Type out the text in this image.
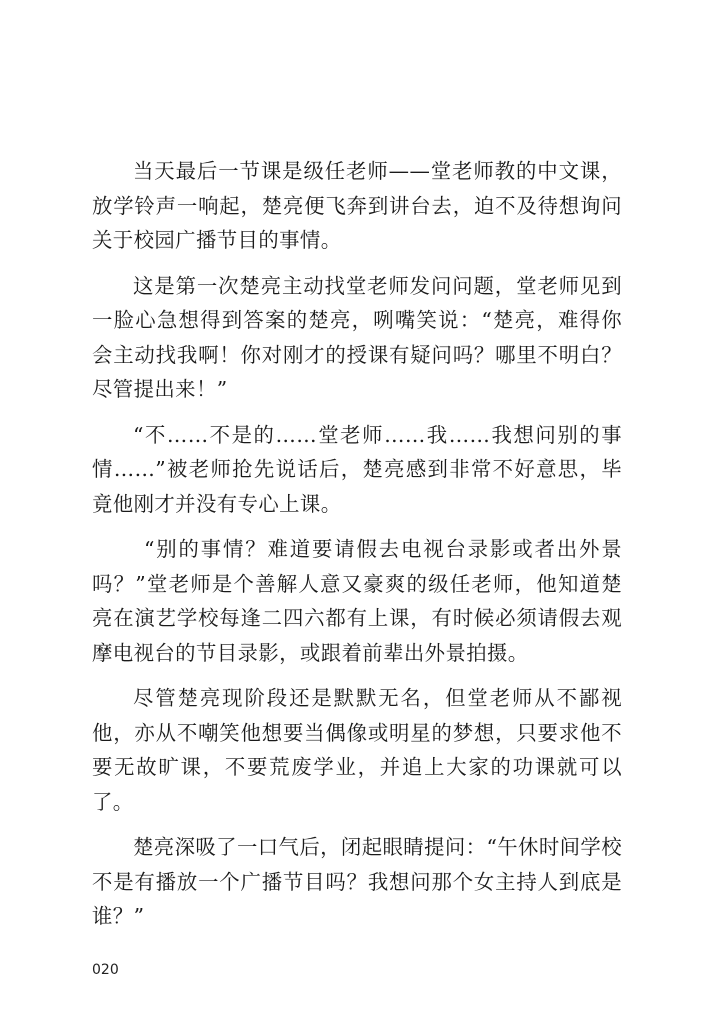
当天最后一节课是级任老师——堂老师教的中文课，放学铃声一响起，楚亮便飞奔到讲台去，迫不及待想询问关于校园广播节目的事情。

这是第一次楚亮主动找堂老师发问问题，堂老师见到一脸心急想得到答案的楚亮，咧嘴笑说：“楚亮，难得你会主动找我啊！你对刚才的授课有疑问吗？哪里不明白？尽管提出来！”

“不……不是的……堂老师……我……我想问别的事情……”被老师抢先说话后，楚亮感到非常不好意思，毕竟他刚才并没有专心上课。

“别的事情？难道要请假去电视台录影或者出外景吗？”堂老师是个善解人意又豪爽的级任老师，他知道楚亮在演艺学校每逢二四六都有上课，有时候必须请假去观摩电视台的节目录影，或跟着前辈出外景拍摄。

尽管楚亮现阶段还是默默无名，但堂老师从不鄙视他，亦从不嘲笑他想要当偶像或明星的梦想，只要求他不要无故旷课，不要荒废学业，并追上大家的功课就可以了。

楚亮深吸了一口气后，闭起眼睛提问：“午休时间学校不是有播放一个广播节目吗？我想问那个女主持人到底是谁？”

020
